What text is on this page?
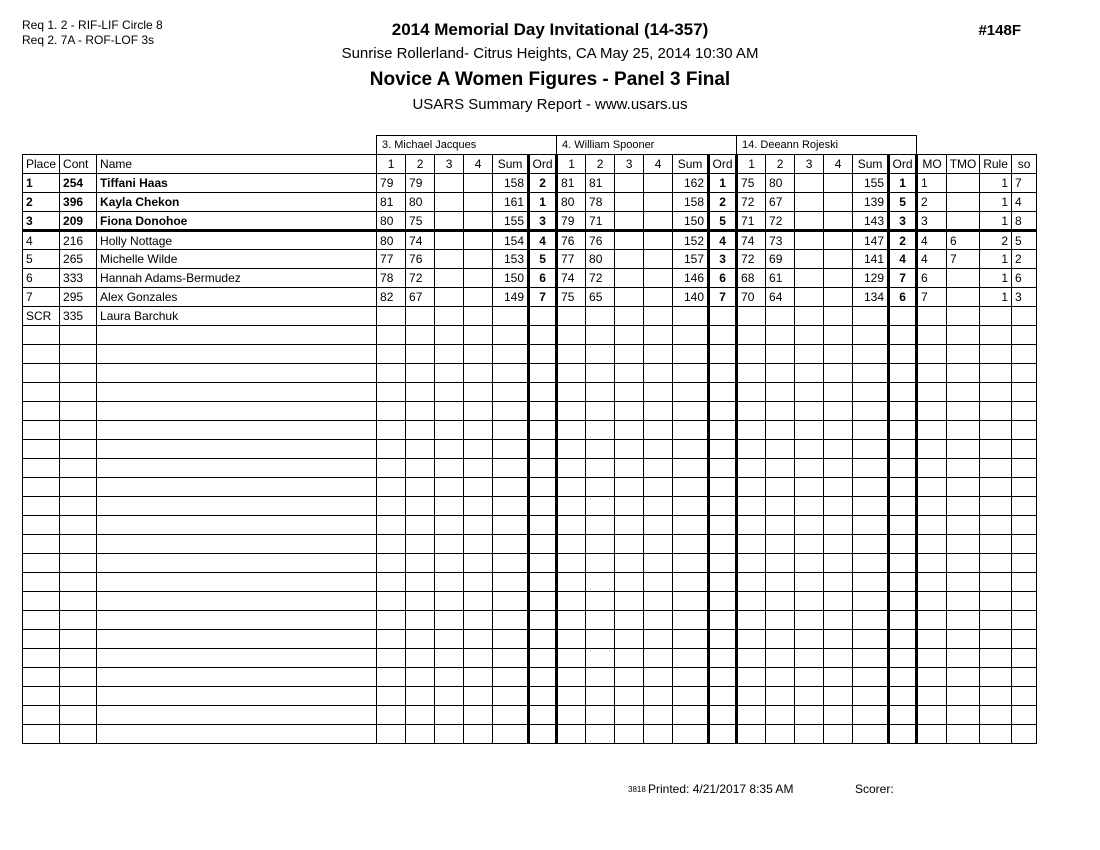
Req 1. 2 - RIF-LIF Circle 8
Req 2. 7A - ROF-LOF 3s
#148F
2014 Memorial Day Invitational (14-357)
Sunrise Rollerland- Citrus Heights, CA May 25, 2014 10:30 AM
Novice A Women Figures - Panel 3 Final
USARS Summary Report - www.usars.us
			3. Michael Jacques						4. William Spooner						14. Deeann Rojeski									
Place	Cont	Name	1	2	3	4	Sum	Ord	1	2	3	4	Sum	Ord	1	2	3	4	Sum	Ord	MO	TMO	Rule	so
1	254	Tiffani Haas	79	79			158	2	81	81			162	1	75	80			155	1	1		1	7
2	396	Kayla Chekon	81	80			161	1	80	78			158	2	72	67			139	5	2		1	4
3	209	Fiona Donohoe	80	75			155	3	79	71			150	5	71	72			143	3	3		1	8
4	216	Holly Nottage	80	74			154	4	76	76			152	4	74	73			147	2	4	6	2	5
5	265	Michelle Wilde	77	76			153	5	77	80			157	3	72	69			141	4	4	7	1	2
6	333	Hannah Adams-Bermudez	78	72			150	6	74	72			146	6	68	61			129	7	6		1	6
7	295	Alex Gonzales	82	67			149	7	75	65			140	7	70	64			134	6	7		1	3
SCR	335	Laura Barchuk																						

3818 Printed: 4/21/2017 8:35 AM	Scorer:
